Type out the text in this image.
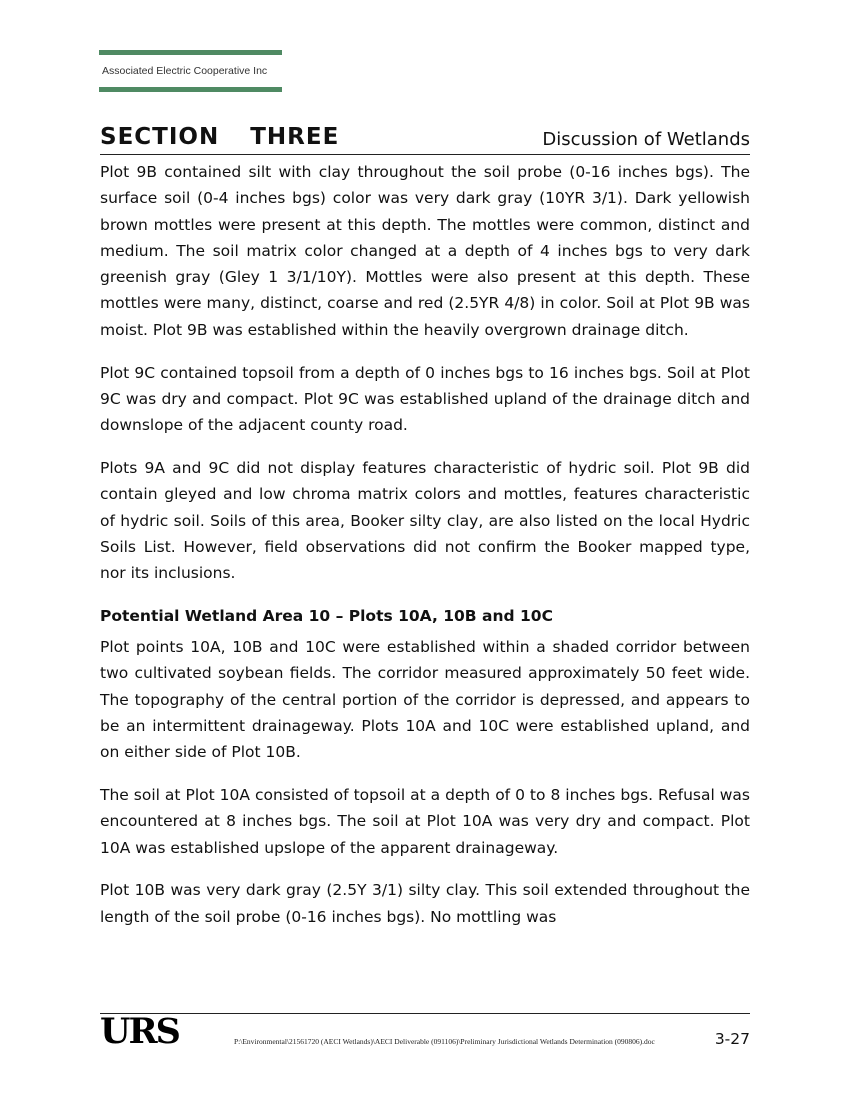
Associated Electric Cooperative Inc
SECTION THREE	Discussion of Wetlands

Plot 9B contained silt with clay throughout the soil probe (0-16 inches bgs). The surface soil (0-4 inches bgs) color was very dark gray (10YR 3/1). Dark yellowish brown mottles were present at this depth. The mottles were common, distinct and medium. The soil matrix color changed at a depth of 4 inches bgs to very dark greenish gray (Gley 1 3/1/10Y). Mottles were also present at this depth. These mottles were many, distinct, coarse and red (2.5YR 4/8) in color. Soil at Plot 9B was moist. Plot 9B was established within the heavily overgrown drainage ditch.

Plot 9C contained topsoil from a depth of 0 inches bgs to 16 inches bgs. Soil at Plot 9C was dry and compact. Plot 9C was established upland of the drainage ditch and downslope of the adjacent county road.

Plots 9A and 9C did not display features characteristic of hydric soil. Plot 9B did contain gleyed and low chroma matrix colors and mottles, features characteristic of hydric soil. Soils of this area, Booker silty clay, are also listed on the local Hydric Soils List. However, field observations did not confirm the Booker mapped type, nor its inclusions.

Potential Wetland Area 10 – Plots 10A, 10B and 10C

Plot points 10A, 10B and 10C were established within a shaded corridor between two cultivated soybean fields. The corridor measured approximately 50 feet wide. The topography of the central portion of the corridor is depressed, and appears to be an intermittent drainageway. Plots 10A and 10C were established upland, and on either side of Plot 10B.

The soil at Plot 10A consisted of topsoil at a depth of 0 to 8 inches bgs. Refusal was encountered at 8 inches bgs. The soil at Plot 10A was very dry and compact. Plot 10A was established upslope of the apparent drainageway.

Plot 10B was very dark gray (2.5Y 3/1) silty clay. This soil extended throughout the length of the soil probe (0-16 inches bgs). No mottling was

URS	P:\Environmental\21561720 (AECI Wetlands)\AECI Deliverable (091106)\Preliminary Jurisdictional Wetlands Determination (090806).doc	3-27
